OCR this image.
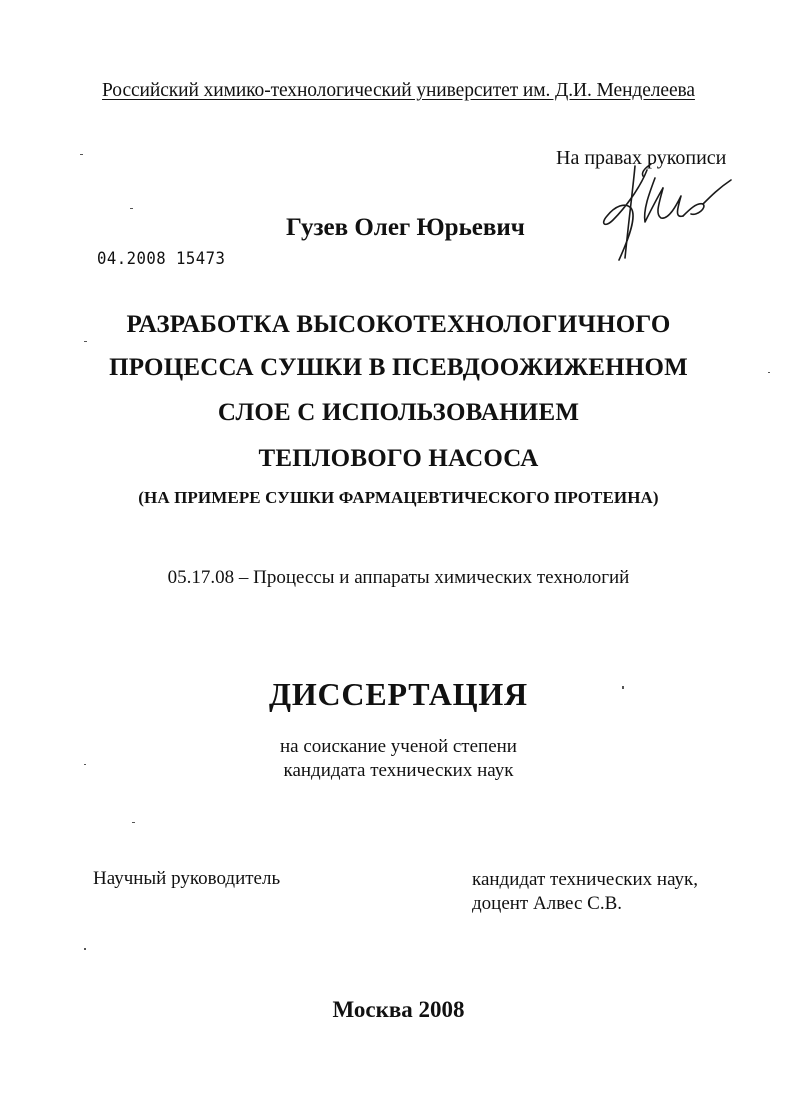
Российский химико-технологический университет им. Д.И. Менделеева
На правах рукописи
Гузев Олег Юрьевич
04.2008 15473
РАЗРАБОТКА ВЫСОКОТЕХНОЛОГИЧНОГО
ПРОЦЕССА СУШКИ В ПСЕВДООЖИЖЕННОМ
СЛОЕ С ИСПОЛЬЗОВАНИЕМ
ТЕПЛОВОГО НАСОСА
(НА ПРИМЕРЕ СУШКИ ФАРМАЦЕВТИЧЕСКОГО ПРОТЕИНА)
05.17.08 – Процессы и аппараты химических технологий
ДИССЕРТАЦИЯ
на соискание ученой степени
кандидата технических наук
Научный руководитель	кандидат технических наук,
доцент Алвес С.В.
Москва 2008
